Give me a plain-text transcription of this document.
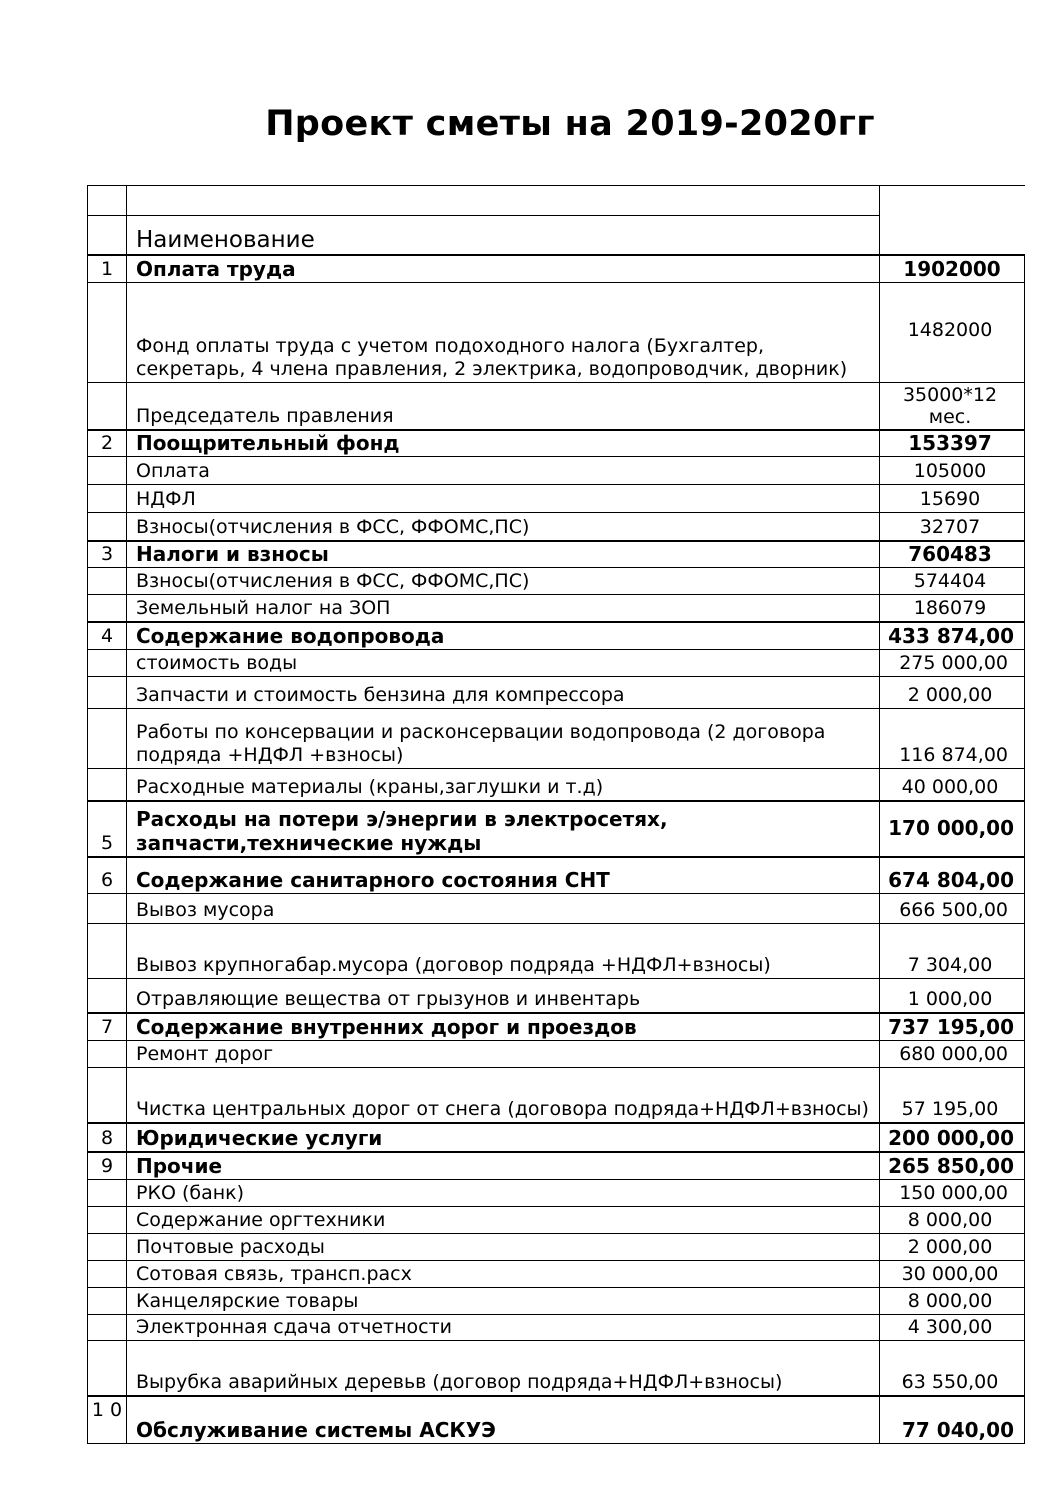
Проект сметы на 2019-2020гг

	Наименование	
1	Оплата труда	1902000
	Фонд оплаты труда с учетом подоходного налога (Бухгалтер, секретарь, 4 члена правления, 2 электрика, водопроводчик, дворник)	1482000
	Председатель правления	35000*12 мес.
2	Поощрительный фонд	153397
	Оплата	105000
	НДФЛ	15690
	Взносы(отчисления в ФСС, ФФОМС,ПС)	32707
3	Налоги и взносы	760483
	Взносы(отчисления в ФСС, ФФОМС,ПС)	574404
	Земельный налог на ЗОП	186079
4	Содержание водопровода	433 874,00
	стоимость воды	275 000,00
	Запчасти и стоимость бензина для компрессора	2 000,00
	Работы по консервации и расконсервации водопровода (2 договора подряда +НДФЛ +взносы)	116 874,00
	Расходные материалы (краны,заглушки и т.д)	40 000,00
5	Расходы на потери э/энергии в электросетях, запчасти,технические нужды	170 000,00
6	Содержание санитарного состояния СНТ	674 804,00
	Вывоз мусора	666 500,00
	Вывоз крупногабар.мусора (договор подряда +НДФЛ+взносы)	7 304,00
	Отравляющие вещества от грызунов и инвентарь	1 000,00
7	Содержание внутренних дорог и проездов	737 195,00
	Ремонт дорог	680 000,00
	Чистка центральных дорог от снега (договора подряда+НДФЛ+взносы)	57 195,00
8	Юридические услуги	200 000,00
9	Прочие	265 850,00
	РКО (банк)	150 000,00
	Содержание оргтехники	8 000,00
	Почтовые расходы	2 000,00
	Сотовая связь, трансп.расх	30 000,00
	Канцелярские товары	8 000,00
	Электронная сдача отчетности	4 300,00
	Вырубка аварийных деревьв (договор подряда+НДФЛ+взносы)	63 550,00
1 0	Обслуживание системы АСКУЭ	77 040,00
